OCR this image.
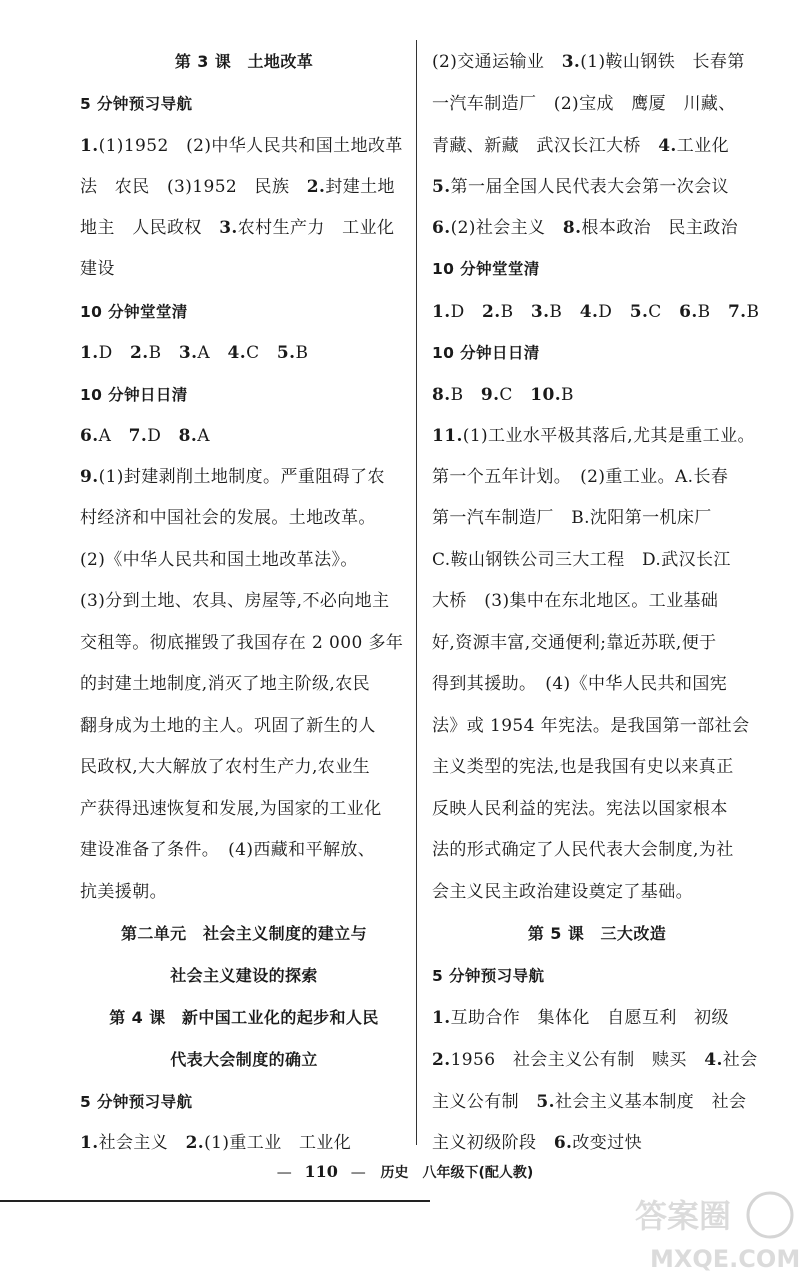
第 3 课　土地改革
5 分钟预习导航
1.(1)1952　(2)中华人民共和国土地改革
法　农民　(3)1952　民族　2.封建土地
地主　人民政权　3.农村生产力　工业化
建设
10 分钟堂堂清
1.D　2.B　3.A　4.C　5.B
10 分钟日日清
6.A　7.D　8.A
9.(1)封建剥削土地制度。严重阻碍了农
村经济和中国社会的发展。土地改革。
(2)《中华人民共和国土地改革法》。
(3)分到土地、农具、房屋等,不必向地主
交租等。彻底摧毁了我国存在 2 000 多年
的封建土地制度,消灭了地主阶级,农民
翻身成为土地的主人。巩固了新生的人
民政权,大大解放了农村生产力,农业生
产获得迅速恢复和发展,为国家的工业化
建设准备了条件。　(4)西藏和平解放、
抗美援朝。
第二单元　社会主义制度的建立与
社会主义建设的探索
第 4 课　新中国工业化的起步和人民
代表大会制度的确立
5 分钟预习导航
1.社会主义　2.(1)重工业　工业化
(2)交通运输业　3.(1)鞍山钢铁　长春第
一汽车制造厂　(2)宝成　鹰厦　川藏、
青藏、新藏　武汉长江大桥　4.工业化
5.第一届全国人民代表大会第一次会议
6.(2)社会主义　8.根本政治　民主政治
10 分钟堂堂清
1.D　2.B　3.B　4.D　5.C　6.B　7.B
10 分钟日日清
8.B　9.C　10.B
11.(1)工业水平极其落后,尤其是重工业。
第一个五年计划。　(2)重工业。A.长春
第一汽车制造厂　B.沈阳第一机床厂
C.鞍山钢铁公司三大工程　D.武汉长江
大桥　(3)集中在东北地区。工业基础
好,资源丰富,交通便利;靠近苏联,便于
得到其援助。　(4)《中华人民共和国宪
法》或 1954 年宪法。是我国第一部社会
主义类型的宪法,也是我国有史以来真正
反映人民利益的宪法。宪法以国家根本
法的形式确定了人民代表大会制度,为社
会主义民主政治建设奠定了基础。
第 5 课　三大改造
5 分钟预习导航
1.互助合作　集体化　自愿互利　初级
2.1956　社会主义公有制　赎买　4.社会
主义公有制　5.社会主义基本制度　社会
主义初级阶段　6.改变过快
— 110 — 历史　八年级下(配人教)
答案圈
MXQE.COM
